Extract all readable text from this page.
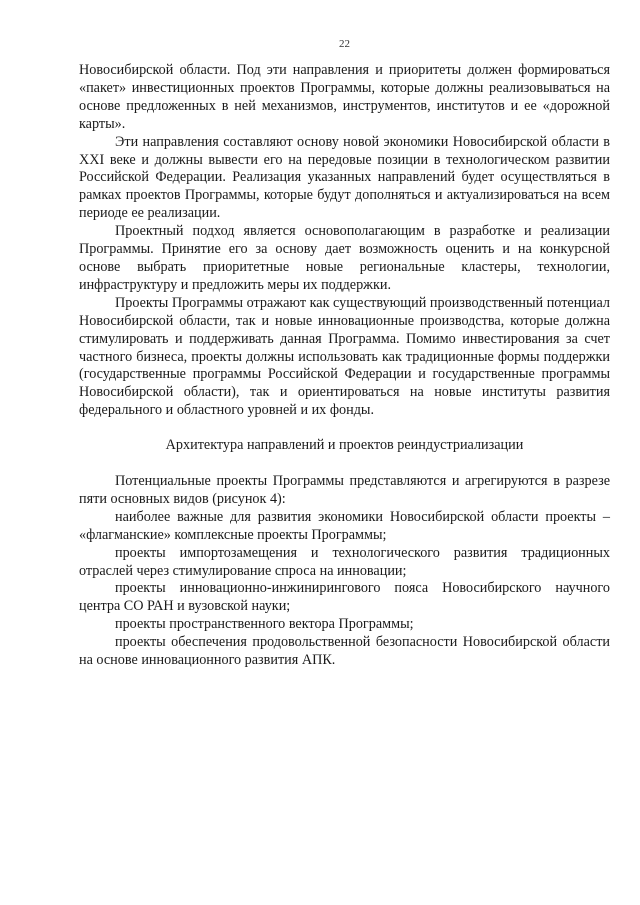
22

Новосибирской области. Под эти направления и приоритеты должен формироваться «пакет» инвестиционных проектов Программы, которые должны реализовываться на основе предложенных в ней механизмов, инструментов, институтов и ее «дорожной карты».

Эти направления составляют основу новой экономики Новосибирской области в XXI веке и должны вывести его на передовые позиции в технологическом развитии Российской Федерации. Реализация указанных направлений будет осуществляться в рамках проектов Программы, которые будут дополняться и актуализироваться на всем периоде ее реализации.

Проектный подход является основополагающим в разработке и реализации Программы. Принятие его за основу дает возможность оценить и на конкурсной основе выбрать приоритетные новые региональные кластеры, технологии, инфраструктуру и предложить меры их поддержки.

Проекты Программы отражают как существующий производственный потенциал Новосибирской области, так и новые инновационные производства, которые должна стимулировать и поддерживать данная Программа. Помимо инвестирования за счет частного бизнеса, проекты должны использовать как традиционные формы поддержки (государственные программы Российской Федерации и государственные программы Новосибирской области), так и ориентироваться на новые институты развития федерального и областного уровней и их фонды.

Архитектура направлений и проектов реиндустриализации

Потенциальные проекты Программы представляются и агрегируются в разрезе пяти основных видов (рисунок 4):

наиболее важные для развития экономики Новосибирской области проекты – «флагманские» комплексные проекты Программы;

проекты импортозамещения и технологического развития традиционных отраслей через стимулирование спроса на инновации;

проекты инновационно-инжинирингового пояса Новосибирского научного центра СО РАН и вузовской науки;

проекты пространственного вектора Программы;

проекты обеспечения продовольственной безопасности Новосибирской области на основе инновационного развития АПК.
